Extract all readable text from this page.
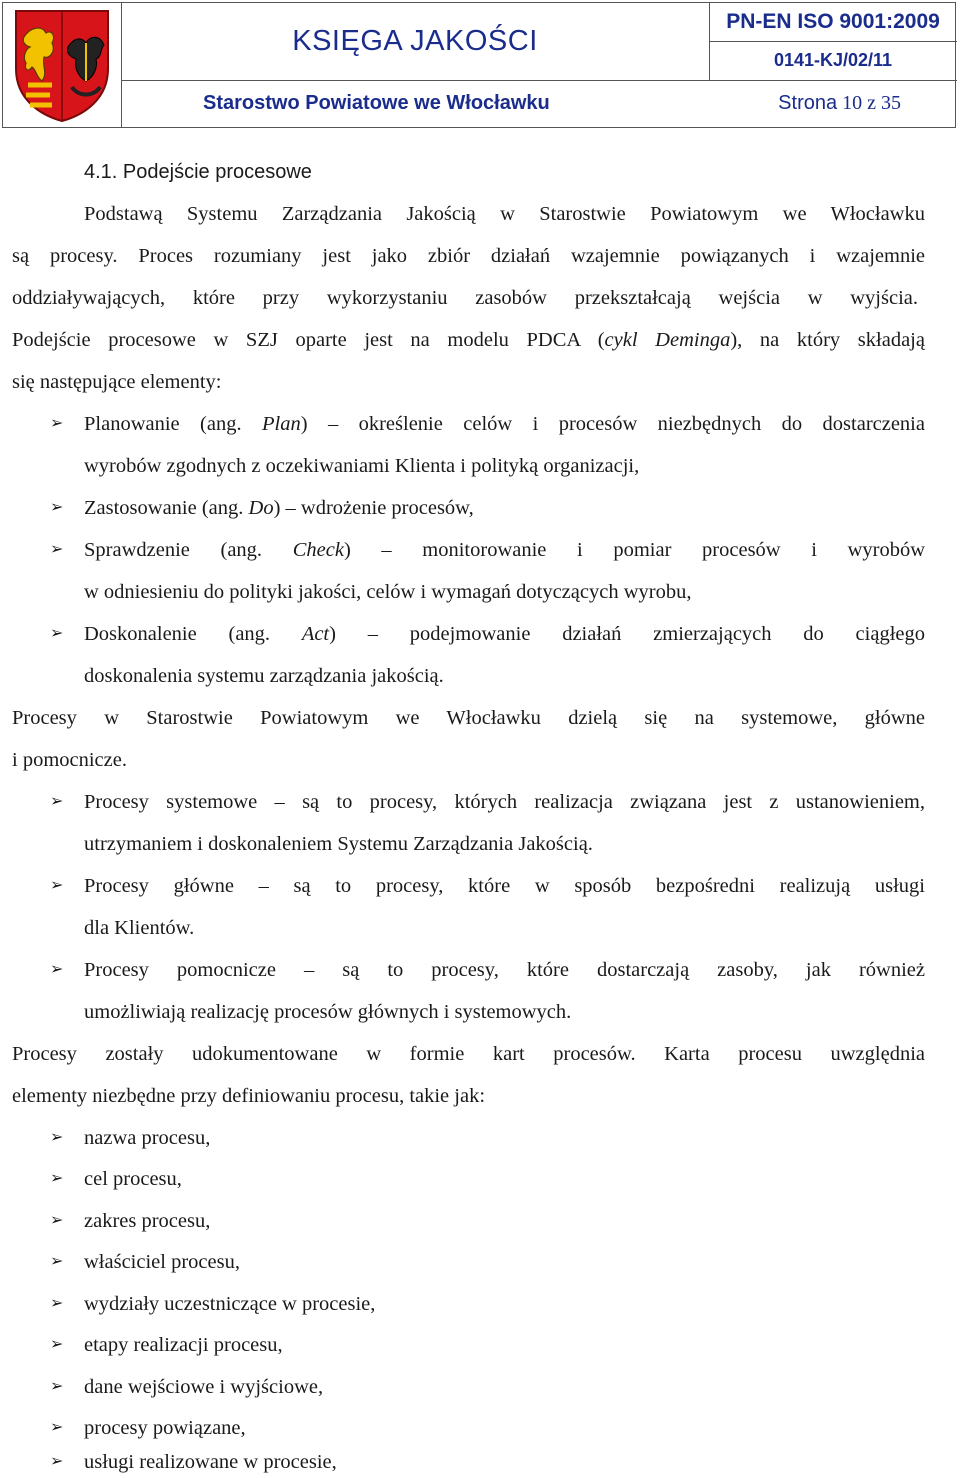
KSIĘGA JAKOŚCI
PN-EN ISO 9001:2009
0141-KJ/02/11
Starostwo Powiatowe we Włocławku	Strona 10 z 35
4.1. Podejście procesowe
Podstawą Systemu Zarządzania Jakością w Starostwie Powiatowym we Włocławku
są procesy. Proces rozumiany jest jako zbiór działań wzajemnie powiązanych i wzajemnie
oddziaływających, które przy wykorzystaniu zasobów przekształcają wejścia w wyjścia.
Podejście procesowe w SZJ oparte jest na modelu PDCA (cykl Deminga), na który składają
się następujące elementy:
➢ Planowanie (ang. Plan) – określenie celów i procesów niezbędnych do dostarczenia
wyrobów zgodnych z oczekiwaniami Klienta i polityką organizacji,
➢ Zastosowanie (ang. Do) – wdrożenie procesów,
➢ Sprawdzenie (ang. Check) – monitorowanie i pomiar procesów i wyrobów
w odniesieniu do polityki jakości, celów i wymagań dotyczących wyrobu,
➢ Doskonalenie (ang. Act) – podejmowanie działań zmierzających do ciągłego
doskonalenia systemu zarządzania jakością.
Procesy w Starostwie Powiatowym we Włocławku dzielą się na systemowe, główne
i pomocnicze.
➢ Procesy systemowe – są to procesy, których realizacja związana jest z ustanowieniem,
utrzymaniem i doskonaleniem Systemu Zarządzania Jakością.
➢ Procesy główne – są to procesy, które w sposób bezpośredni realizują usługi
dla Klientów.
➢ Procesy pomocnicze – są to procesy, które dostarczają zasoby, jak również
umożliwiają realizację procesów głównych i systemowych.
Procesy zostały udokumentowane w formie kart procesów. Karta procesu uwzględnia
elementy niezbędne przy definiowaniu procesu, takie jak:
➢ nazwa procesu,
➢ cel procesu,
➢ zakres procesu,
➢ właściciel procesu,
➢ wydziały uczestniczące w procesie,
➢ etapy realizacji procesu,
➢ dane wejściowe i wyjściowe,
➢ procesy powiązane,
➢ usługi realizowane w procesie,
